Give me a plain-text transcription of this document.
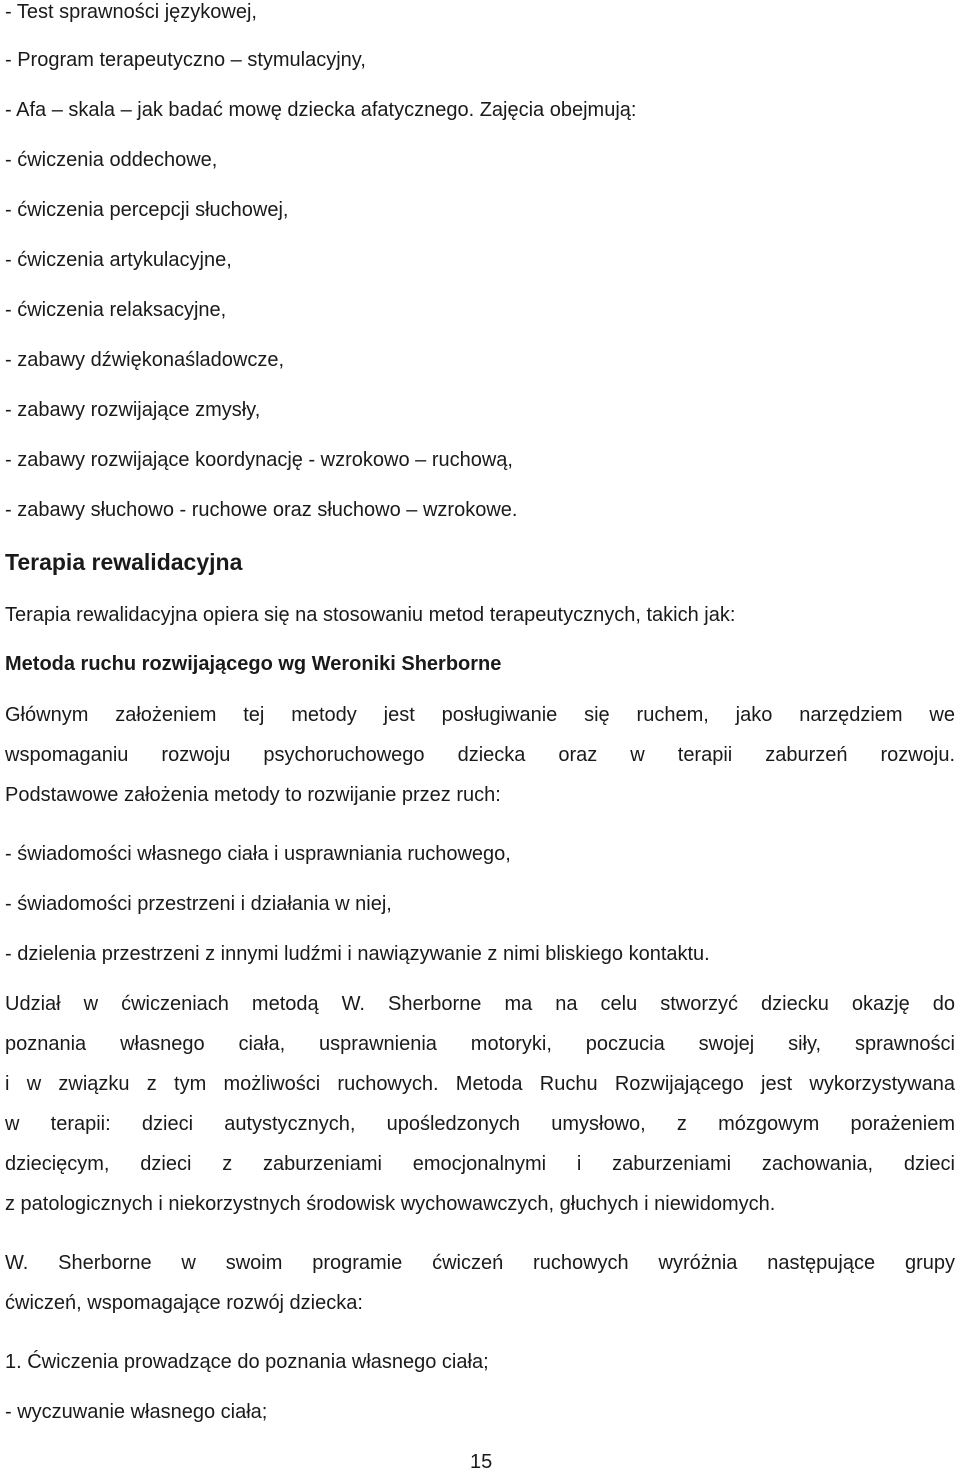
- Test sprawności językowej,

- Program terapeutyczno – stymulacyjny,

- Afa – skala – jak badać mowę dziecka afatycznego. Zajęcia obejmują:

- ćwiczenia oddechowe,

- ćwiczenia percepcji słuchowej,

- ćwiczenia artykulacyjne,

- ćwiczenia relaksacyjne,

- zabawy dźwiękonaśladowcze,

- zabawy rozwijające zmysły,

- zabawy rozwijające koordynację - wzrokowo – ruchową,

- zabawy słuchowo - ruchowe oraz słuchowo – wzrokowe.

Terapia rewalidacyjna

Terapia rewalidacyjna opiera się na stosowaniu metod terapeutycznych, takich jak:

Metoda ruchu rozwijającego wg Weroniki Sherborne

Głównym założeniem tej metody jest posługiwanie się ruchem, jako narzędziem we

wspomaganiu rozwoju psychoruchowego dziecka oraz w terapii zaburzeń rozwoju.

Podstawowe założenia metody to rozwijanie przez ruch:

- świadomości własnego ciała i usprawniania ruchowego,

- świadomości przestrzeni i działania w niej,

- dzielenia przestrzeni z innymi ludźmi i nawiązywanie z nimi bliskiego kontaktu.

Udział w ćwiczeniach metodą W. Sherborne ma na celu stworzyć dziecku okazję do

poznania własnego ciała, usprawnienia motoryki, poczucia swojej siły, sprawności

i w związku z tym możliwości ruchowych. Metoda Ruchu Rozwijającego jest wykorzystywana

w terapii: dzieci autystycznych, upośledzonych umysłowo, z mózgowym porażeniem

dziecięcym, dzieci z zaburzeniami emocjonalnymi i zaburzeniami zachowania, dzieci

z patologicznych i niekorzystnych środowisk wychowawczych, głuchych i niewidomych.

W. Sherborne w swoim programie ćwiczeń ruchowych wyróżnia następujące grupy

ćwiczeń, wspomagające rozwój dziecka:

1. Ćwiczenia prowadzące do poznania własnego ciała;

- wyczuwanie własnego ciała;

15
